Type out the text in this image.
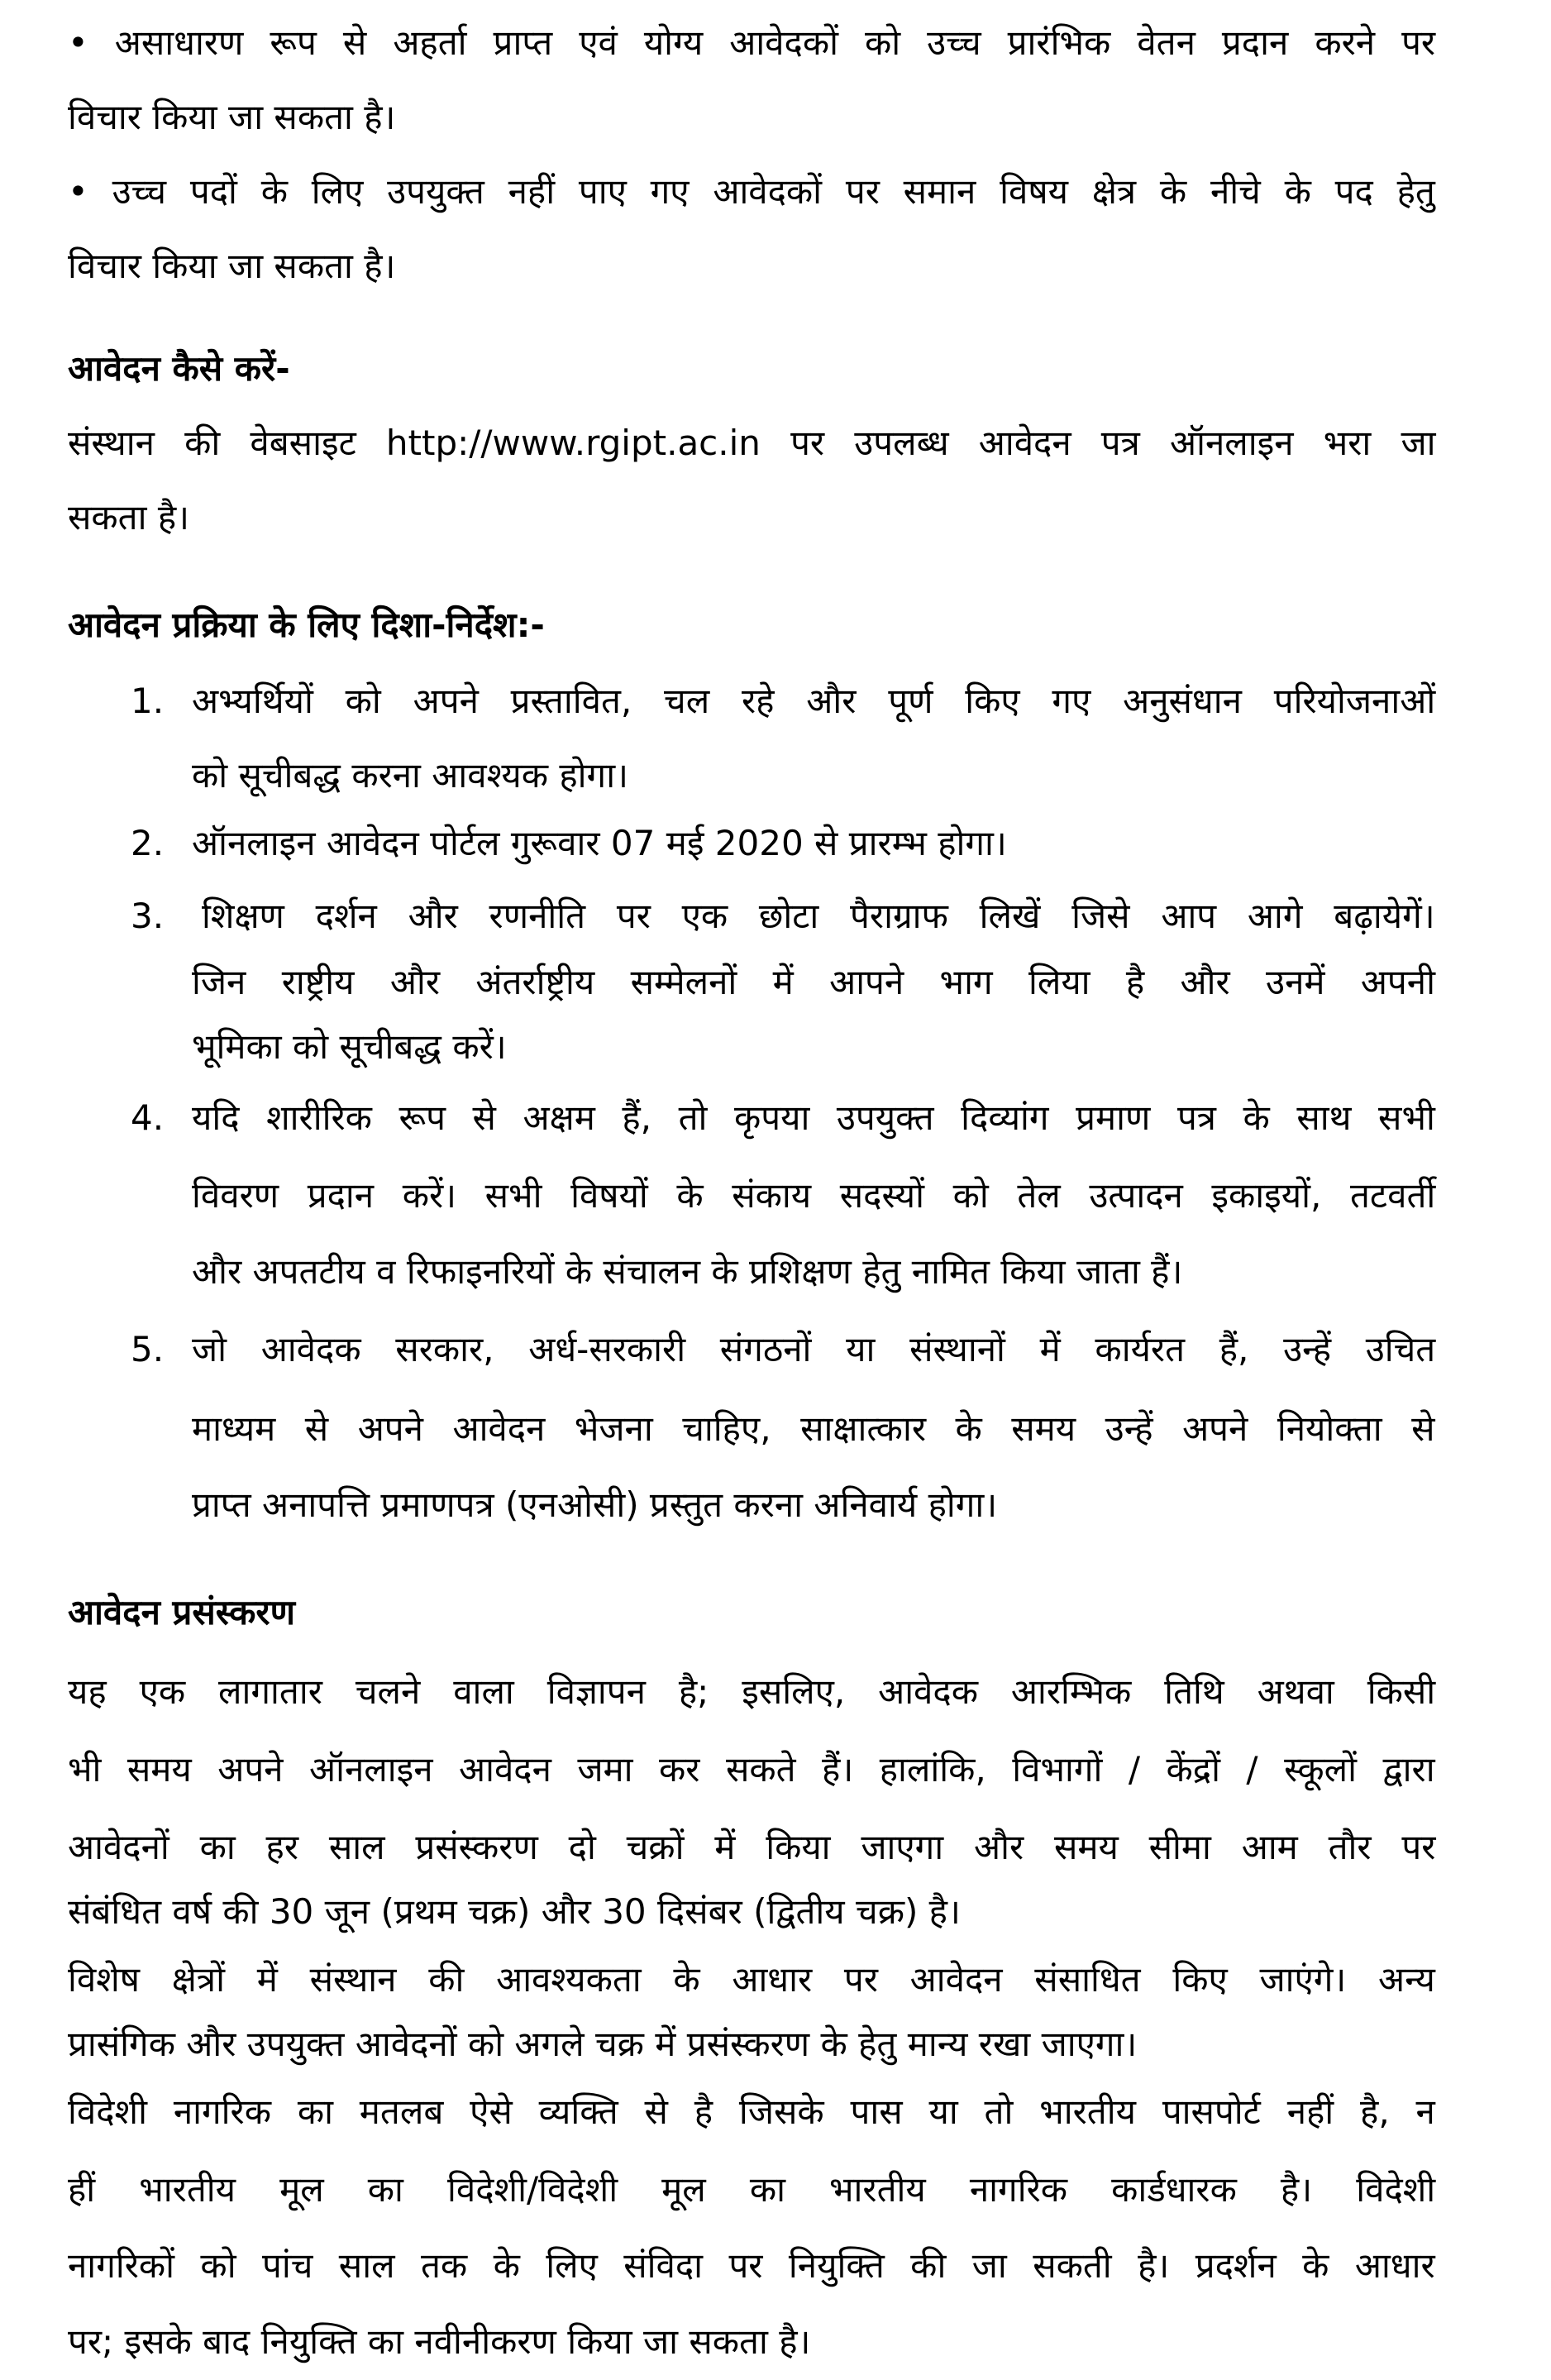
• असाधारण रूप से अहर्ता प्राप्त एवं योग्य आवेदकों को उच्च प्रारंभिक वेतन प्रदान करने पर
विचार किया जा सकता है।
• उच्च पदों के लिए उपयुक्त नहीं पाए गए आवेदकों पर समान विषय क्षेत्र के नीचे के पद हेतु
विचार किया जा सकता है।
आवेदन कैसे करें-
संस्थान की वेबसाइट http://www.rgipt.ac.in पर उपलब्ध आवेदन पत्र ऑनलाइन भरा जा
सकता है।
आवेदन प्रक्रिया के लिए दिशा-निर्देश:-
अभ्यर्थियों को अपने प्रस्तावित, चल रहे और पूर्ण किए गए अनुसंधान परियोजनाओं
को सूचीबद्ध करना आवश्यक होगा।
ऑनलाइन आवेदन पोर्टल गुरूवार 07 मई 2020 से प्रारम्भ होगा।
शिक्षण दर्शन और रणनीति पर एक छोटा पैराग्राफ लिखें जिसे आप आगे बढ़ायेगें।
जिन राष्ट्रीय और अंतर्राष्ट्रीय सम्मेलनों में आपने भाग लिया है और उनमें अपनी
भूमिका को सूचीबद्ध करें।
यदि शारीरिक रूप से अक्षम हैं, तो कृपया उपयुक्त दिव्यांग प्रमाण पत्र के साथ सभी
विवरण प्रदान करें। सभी विषयों के संकाय सदस्यों को तेल उत्पादन इकाइयों, तटवर्ती
और अपतटीय व रिफाइनरियों के संचालन के प्रशिक्षण हेतु नामित किया जाता हैं।
जो आवेदक सरकार, अर्ध-सरकारी संगठनों या संस्थानों में कार्यरत हैं, उन्हें उचित
माध्यम से अपने आवेदन भेजना चाहिए, साक्षात्कार के समय उन्हें अपने नियोक्ता से
प्राप्त अनापत्ति प्रमाणपत्र (एनओसी) प्रस्तुत करना अनिवार्य होगा।
आवेदन प्रसंस्करण
यह एक लागातार चलने वाला विज्ञापन है; इसलिए, आवेदक आरम्भिक तिथि अथवा किसी
भी समय अपने ऑनलाइन आवेदन जमा कर सकते हैं। हालांकि, विभागों / केंद्रों / स्कूलों द्वारा
आवेदनों का हर साल प्रसंस्करण दो चक्रों में किया जाएगा और समय सीमा आम तौर पर
संबंधित वर्ष की 30 जून (प्रथम चक्र) और 30 दिसंबर (द्वितीय चक्र) है।
विशेष क्षेत्रों में संस्थान की आवश्यकता के आधार पर आवेदन संसाधित किए जाएंगे। अन्य
प्रासंगिक और उपयुक्त आवेदनों को अगले चक्र में प्रसंस्करण के हेतु मान्य रखा जाएगा।
विदेशी नागरिक का मतलब ऐसे व्यक्ति से है जिसके पास या तो भारतीय पासपोर्ट नहीं है, न
हीं भारतीय मूल का विदेशी/विदेशी मूल का भारतीय नागरिक कार्डधारक है। विदेशी
नागरिकों को पांच साल तक के लिए संविदा पर नियुक्ति की जा सकती है। प्रदर्शन के आधार
पर; इसके बाद नियुक्ति का नवीनीकरण किया जा सकता है।
1.
2.
3.
4.
5.
